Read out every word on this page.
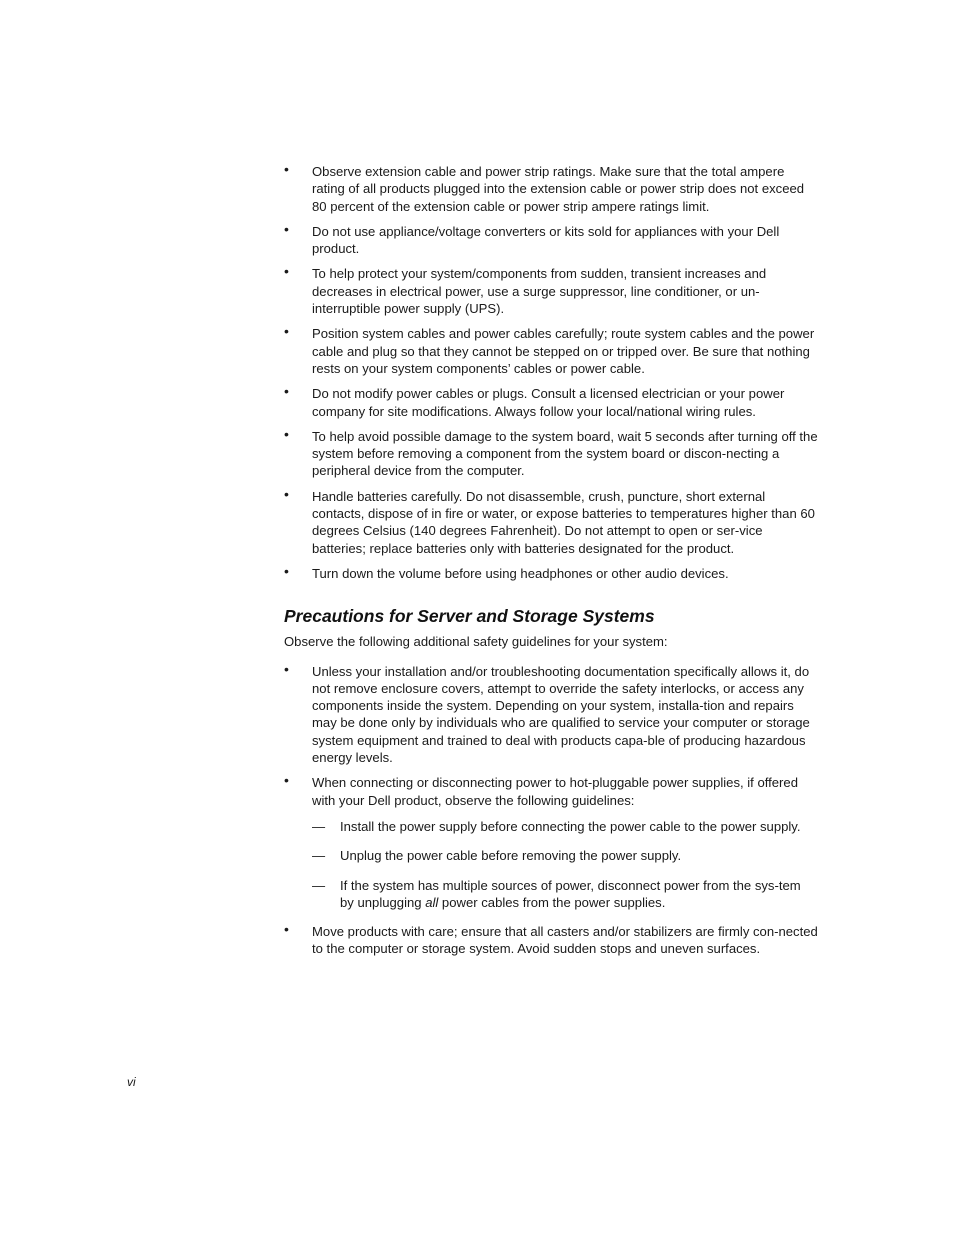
• Observe extension cable and power strip ratings. Make sure that the total ampere rating of all products plugged into the extension cable or power strip does not exceed 80 percent of the extension cable or power strip ampere ratings limit.
• Do not use appliance/voltage converters or kits sold for appliances with your Dell product.
• To help protect your system/components from sudden, transient increases and decreases in electrical power, use a surge suppressor, line conditioner, or un-interruptible power supply (UPS).
• Position system cables and power cables carefully; route system cables and the power cable and plug so that they cannot be stepped on or tripped over. Be sure that nothing rests on your system components’ cables or power cable.
• Do not modify power cables or plugs. Consult a licensed electrician or your power company for site modifications. Always follow your local/national wiring rules.
• To help avoid possible damage to the system board, wait 5 seconds after turning off the system before removing a component from the system board or discon-necting a peripheral device from the computer.
• Handle batteries carefully. Do not disassemble, crush, puncture, short external contacts, dispose of in fire or water, or expose batteries to temperatures higher than 60 degrees Celsius (140 degrees Fahrenheit). Do not attempt to open or ser-vice batteries; replace batteries only with batteries designated for the product.
• Turn down the volume before using headphones or other audio devices.
Precautions for Server and Storage Systems

Observe the following additional safety guidelines for your system:

• Unless your installation and/or troubleshooting documentation specifically allows it, do not remove enclosure covers, attempt to override the safety interlocks, or access any components inside the system. Depending on your system, installa-tion and repairs may be done only by individuals who are qualified to service your computer or storage system equipment and trained to deal with products capa-ble of producing hazardous energy levels.
• When connecting or disconnecting power to hot-pluggable power supplies, if offered with your Dell product, observe the following guidelines:
— Install the power supply before connecting the power cable to the power supply.
— Unplug the power cable before removing the power supply.
— If the system has multiple sources of power, disconnect power from the sys-tem by unplugging all power cables from the power supplies.
• Move products with care; ensure that all casters and/or stabilizers are firmly con-nected to the computer or storage system. Avoid sudden stops and uneven surfaces.
vi
